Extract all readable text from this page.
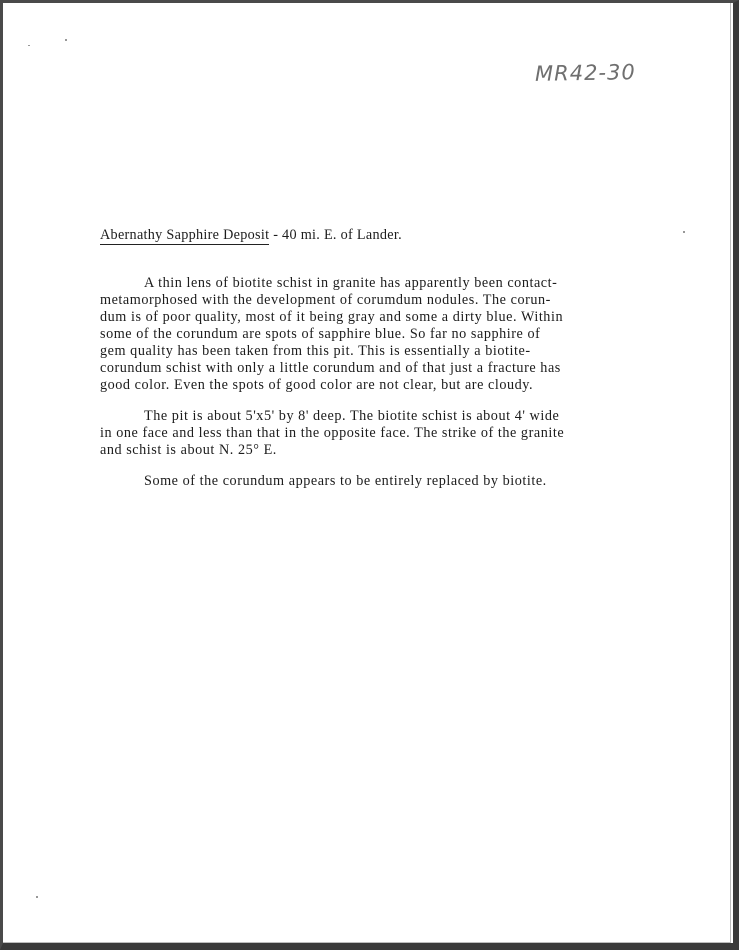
MR42-30
Abernathy Sapphire Deposit - 40 mi. E. of Lander.
A thin lens of biotite schist in granite has apparently been contact-
metamorphosed with the development of corumdum nodules. The corun-
dum is of poor quality, most of it being gray and some a dirty blue. Within
some of the corundum are spots of sapphire blue. So far no sapphire of
gem quality has been taken from this pit. This is essentially a biotite-
corundum schist with only a little corundum and of that just a fracture has
good color. Even the spots of good color are not clear, but are cloudy.
The pit is about 5'x5' by 8' deep. The biotite schist is about 4' wide
in one face and less than that in the opposite face. The strike of the granite
and schist is about N. 25° E.
Some of the corundum appears to be entirely replaced by biotite.
